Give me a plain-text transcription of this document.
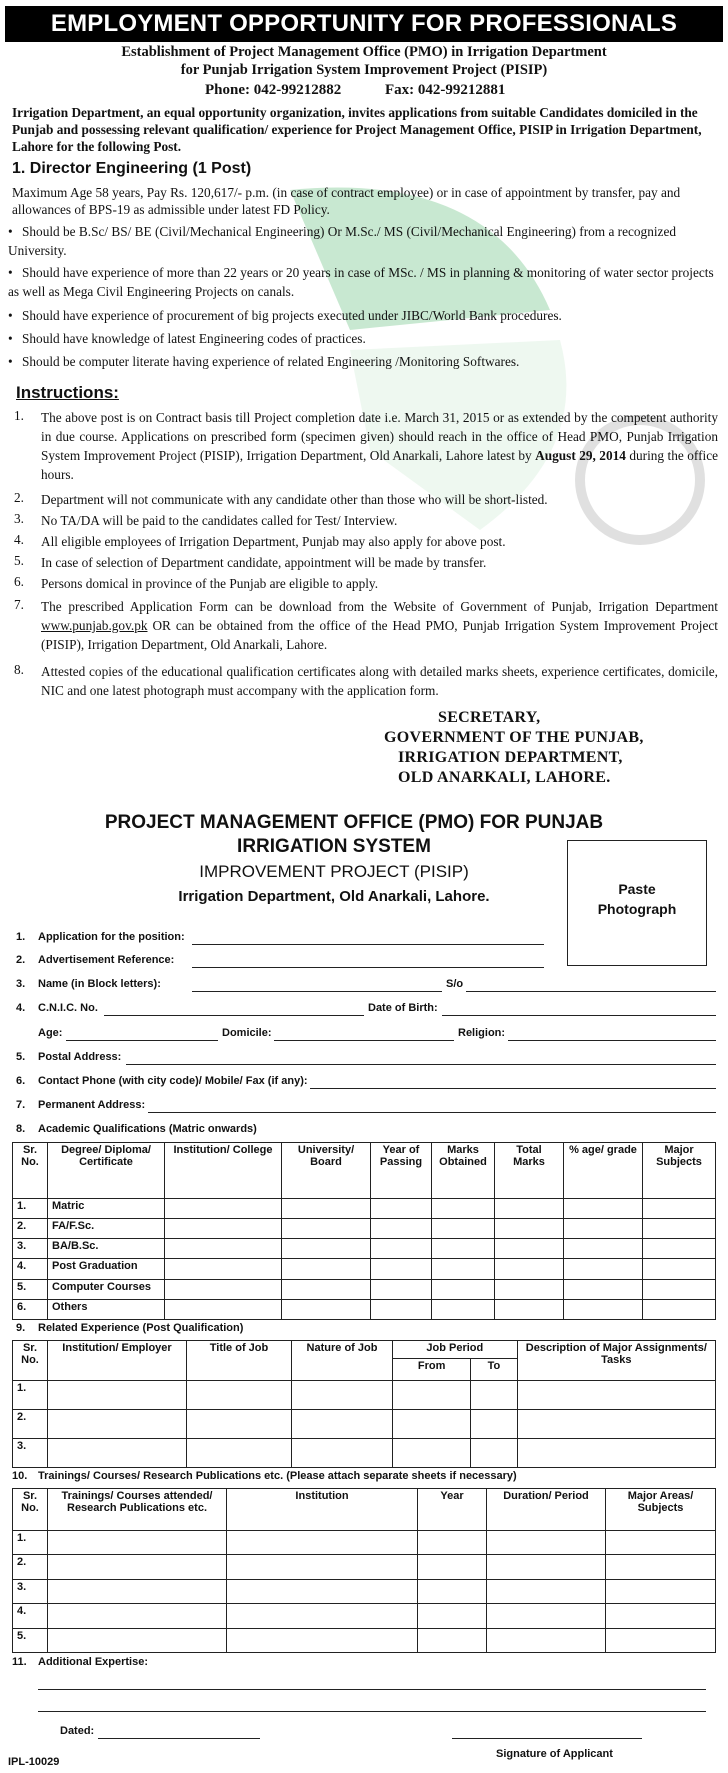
EMPLOYMENT OPPORTUNITY FOR PROFESSIONALS
Establishment of Project Management Office (PMO) in Irrigation Department
for Punjab Irrigation System Improvement Project (PISIP)
Phone: 042-99212882	Fax: 042-99212881
Irrigation Department, an equal opportunity organization, invites applications from suitable Candidates domiciled in the Punjab and possessing relevant qualification/ experience for Project Management Office, PISIP in Irrigation Department, Lahore for the following Post.
1. Director Engineering (1 Post)
Maximum Age 58 years, Pay Rs. 120,617/- p.m. (in case of contract employee) or in case of appointment by transfer, pay and allowances of BPS-19 as admissible under latest FD Policy.
• Should be B.Sc/ BS/ BE (Civil/Mechanical Engineering) Or M.Sc./ MS (Civil/Mechanical Engineering) from a recognized University.
• Should have experience of more than 22 years or 20 years in case of MSc. / MS in planning & monitoring of water sector projects as well as Mega Civil Engineering Projects on canals.
• Should have experience of procurement of big projects executed under JIBC/World Bank procedures.
• Should have knowledge of latest Engineering codes of practices.
• Should be computer literate having experience of related Engineering /Monitoring Softwares.
Instructions:
1. The above post is on Contract basis till Project completion date i.e. March 31, 2015 or as extended by the competent authority in due course. Applications on prescribed form (specimen given) should reach in the office of Head PMO, Punjab Irrigation System Improvement Project (PISIP), Irrigation Department, Old Anarkali, Lahore latest by August 29, 2014 during the office hours.
2. Department will not communicate with any candidate other than those who will be short-listed.
3. No TA/DA will be paid to the candidates called for Test/ Interview.
4. All eligible employees of Irrigation Department, Punjab may also apply for above post.
5. In case of selection of Department candidate, appointment will be made by transfer.
6. Persons domical in province of the Punjab are eligible to apply.
7. The prescribed Application Form can be download from the Website of Government of Punjab, Irrigation Department www.punjab.gov.pk OR can be obtained from the office of the Head PMO, Punjab Irrigation System Improvement Project (PISIP), Irrigation Department, Old Anarkali, Lahore.
8. Attested copies of the educational qualification certificates along with detailed marks sheets, experience certificates, domicile, NIC and one latest photograph must accompany with the application form.
SECRETARY,
GOVERNMENT OF THE PUNJAB,
IRRIGATION DEPARTMENT,
OLD ANARKALI, LAHORE.
PROJECT MANAGEMENT OFFICE (PMO) FOR PUNJAB
IRRIGATION SYSTEM
IMPROVEMENT PROJECT (PISIP)
Irrigation Department, Old Anarkali, Lahore.	Paste
Photograph
1. Application for the position:
2. Advertisement Reference:
3. Name (in Block letters):	S/o
4. C.N.I.C. No.	Date of Birth:
Age:	Domicile:	Religion:
5. Postal Address:
6. Contact Phone (with city code)/ Mobile/ Fax (if any):
7. Permanent Address:
8. Academic Qualifications (Matric onwards)
Sr. No.	Degree/ Diploma/ Certificate	Institution/ College	University/ Board	Year of Passing	Marks Obtained	Total Marks	% age/ grade	Major Subjects
1.	Matric							
2.	FA/F.Sc.							
3.	BA/B.Sc.							
4.	Post Graduation							
5.	Computer Courses							
6.	Others							
9. Related Experience (Post Qualification)
Sr. No.	Institution/ Employer	Title of Job	Nature of Job	Job Period		Description of Major Assignments/ Tasks
				From	To	
1.						
2.						
3.						
10. Trainings/ Courses/ Research Publications etc. (Please attach separate sheets if necessary)
Sr. No.	Trainings/ Courses attended/ Research Publications etc.	Institution	Year	Duration/ Period	Major Areas/ Subjects
1.					
2.					
3.					
4.					
5.					
11. Additional Expertise:
Dated:
Signature of Applicant
IPL-10029
